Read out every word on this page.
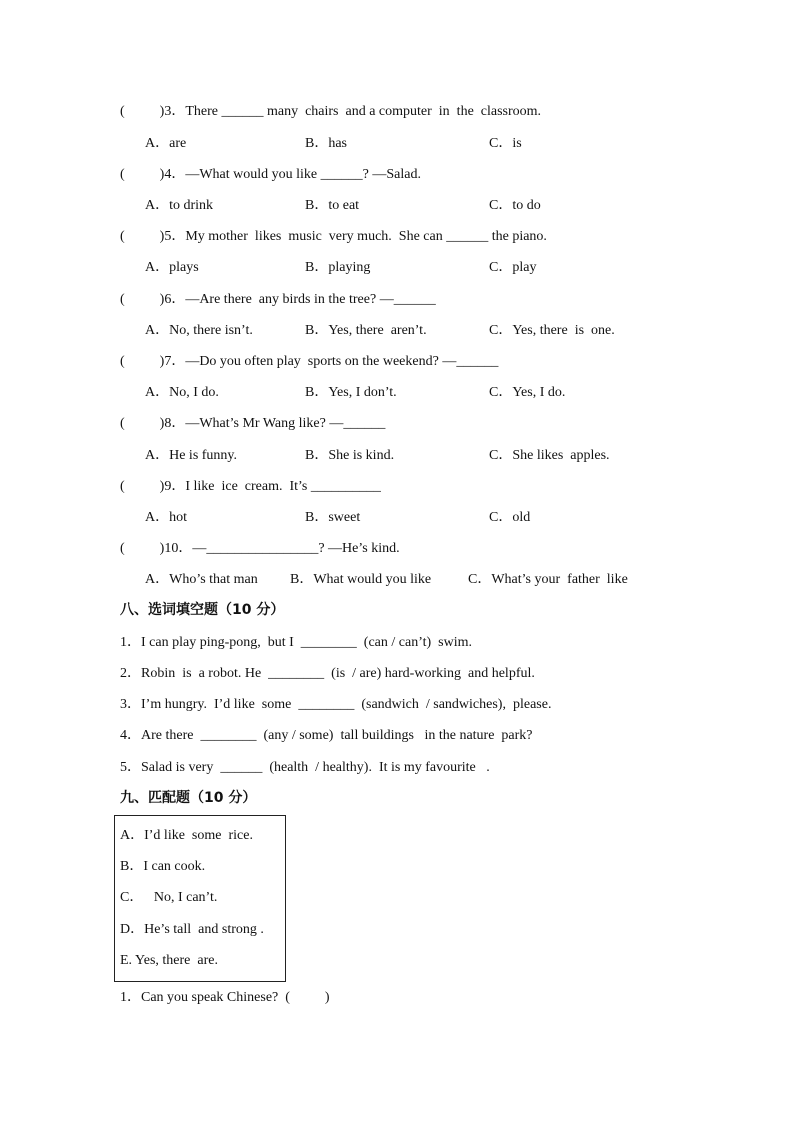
(          )3．There ______ many  chairs  and a computer  in  the  classroom.
A．are	B．has	C．is
(          )4．—What would you like ______? —Salad.
A．to drink	B．to eat	C．to do
(          )5．My mother  likes  music  very much.  She can ______ the piano.
A．plays	B．playing	C．play
(          )6．—Are there  any birds in the tree? —______
A．No, there isn’t.	B．Yes, there  aren’t.	C．Yes, there  is  one.
(          )7．—Do you often play  sports on the weekend? —______
A．No, I do.	B．Yes, I don’t.	C．Yes, I do.
(          )8．—What’s Mr Wang like? —______
A．He is funny.	B．She is kind.	C．She likes  apples.
(          )9．I like  ice  cream.  It’s __________
A．hot	B．sweet	C．old
(          )10．—________________? —He’s kind.
A．Who’s that man B．What would you like	C．What’s your  father  like
八、选词填空题（10 分）
1．I can play ping-pong,  but I  ________  (can / can’t)  swim.
2．Robin  is  a robot. He  ________  (is  / are) hard-working  and helpful.
3．I’m hungry.  I’d like  some  ________  (sandwich  / sandwiches),  please.
4．Are there  ________  (any / some)  tall buildings   in the nature  park?
5．Salad is very  ______  (health  / healthy).  It is my favourite   .
九、匹配题（10 分）
A．I’d like  some  rice.
B．I can cook.
C．   No, I can’t.
D．He’s tall  and strong .
E. Yes, there  are.
1．Can you speak Chinese?  (          )
